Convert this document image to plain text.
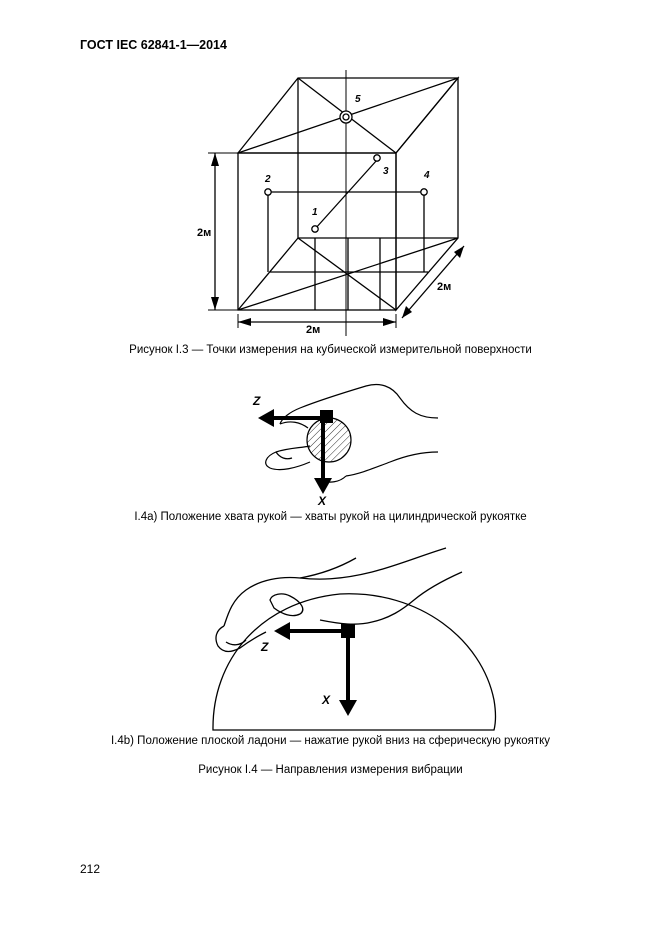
ГОСТ IEC 62841-1—2014
1
2
3	4
5
2м
2м
2м
Рисунок I.3 — Точки измерения на кубической измерительной поверхности
Z
X
I.4a) Положение хвата рукой — хваты рукой на цилиндрической рукоятке
Z
X
I.4b) Положение плоской ладони — нажатие рукой вниз на сферическую рукоятку
Рисунок I.4 — Направления измерения вибрации
212
